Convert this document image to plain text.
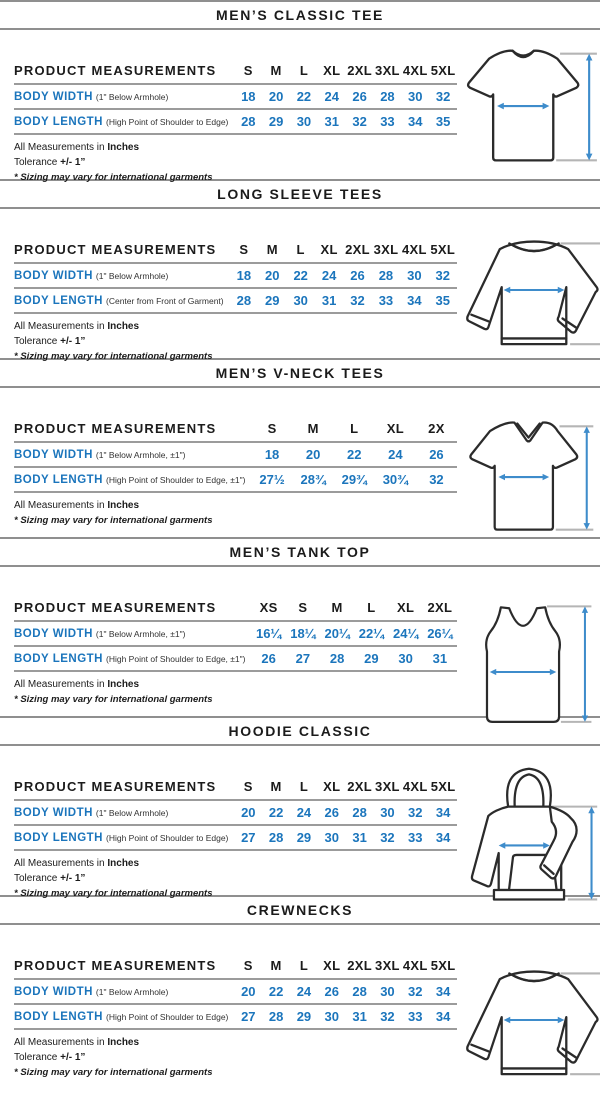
MEN’S CLASSIC TEE
PRODUCT MEASUREMENTS	S	M	L	XL 2XL 3XL 4XL 5XL
BODY WIDTH (1" Below Armhole)	18	20	22	24	26	28	30	32
BODY LENGTH (High Point of Shoulder to Edge) 28	29	30	31	32	33	34	35
All Measurements in Inches
Tolerance +/- 1”
* Sizing may vary for international garments
LONG SLEEVE TEES
PRODUCT MEASUREMENTS	S	M	L	XL 2XL 3XL 4XL 5XL
BODY WIDTH (1" Below Armhole)	18	20	22	24	26	28	30	32
BODY LENGTH (Center from Front of Garment) 28	29	30	31	32	33	34	35
All Measurements in Inches
Tolerance +/- 1”
* Sizing may vary for international garments
MEN’S V-NECK TEES
PRODUCT MEASUREMENTS	S	M	L	XL	2X
BODY WIDTH (1" Below Armhole, ±1")	18	20	22	24	26
BODY LENGTH (High Point of Shoulder to Edge, ±1")	27½	28¾	29¾	30¾	32
All Measurements in Inches
* Sizing may vary for international garments
MEN’S TANK TOP
PRODUCT MEASUREMENTS	XS	S	M	L	XL	2XL
BODY WIDTH (1" Below Armhole, ±1")	16¼ 18¼ 20¼ 22¼ 24¼ 26¼
BODY LENGTH (High Point of Shoulder to Edge, ±1")	26	27	28	29	30	31
All Measurements in Inches
* Sizing may vary for international garments
HOODIE CLASSIC
PRODUCT MEASUREMENTS	S	M	L	XL 2XL 3XL 4XL 5XL
BODY WIDTH (1" Below Armhole)	20	22	24	26	28	30	32	34
BODY LENGTH (High Point of Shoulder to Edge) 27	28	29	30	31	32	33	34
All Measurements in Inches
Tolerance +/- 1”
* Sizing may vary for international garments
CREWNECKS
PRODUCT MEASUREMENTS	S	M	L	XL 2XL 3XL 4XL 5XL
BODY WIDTH (1" Below Armhole)	20	22	24	26	28	30	32	34
BODY LENGTH (High Point of Shoulder to Edge) 27	28	29	30	31	32	33	34
All Measurements in Inches
Tolerance +/- 1”
* Sizing may vary for international garments
